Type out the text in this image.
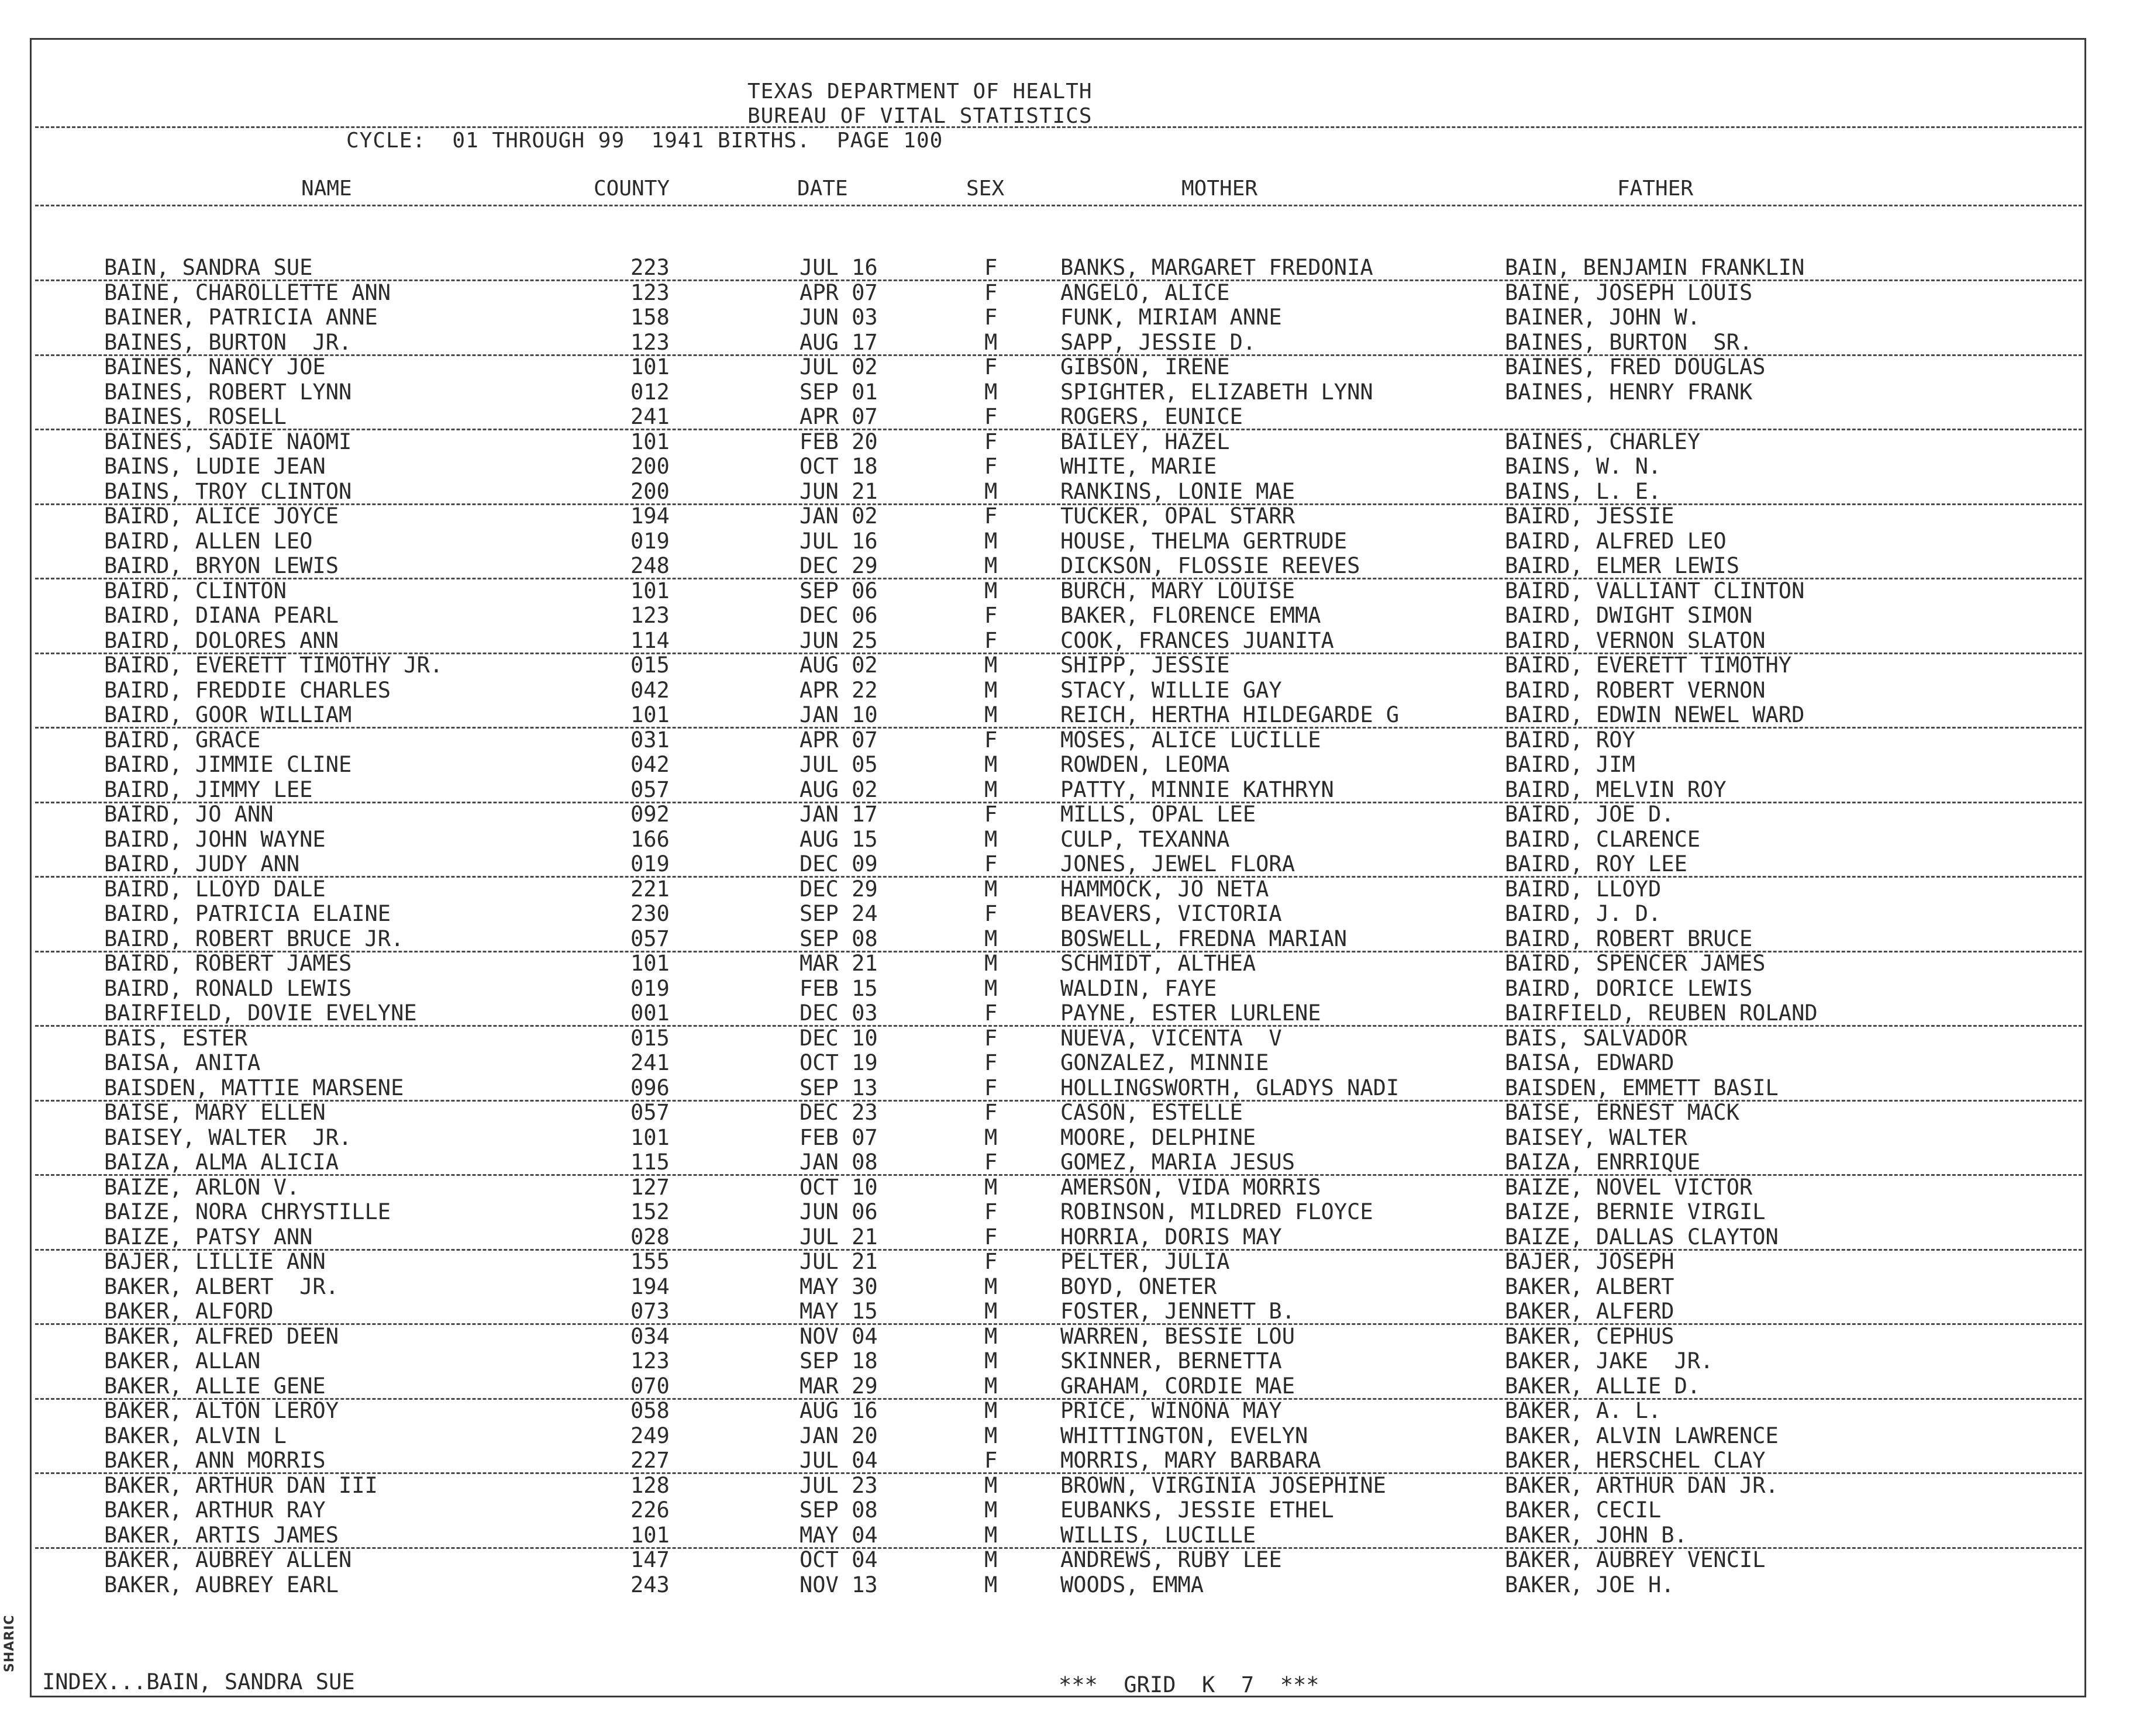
TEXAS DEPARTMENT OF HEALTH
BUREAU OF VITAL STATISTICS
CYCLE:  01 THROUGH 99  1941 BIRTHS.  PAGE 100
NAME	COUNTY	DATE	SEX	MOTHER	FATHER
BAIN, SANDRA SUE	223	JUL 16	F	BANKS, MARGARET FREDONIA	BAIN, BENJAMIN FRANKLIN
BAINE, CHAROLLETTE ANN	123	APR 07	F	ANGELO, ALICE	BAINE, JOSEPH LOUIS
BAINER, PATRICIA ANNE	158	JUN 03	F	FUNK, MIRIAM ANNE	BAINER, JOHN W.
BAINES, BURTON  JR.	123	AUG 17	M	SAPP, JESSIE D.	BAINES, BURTON  SR.
BAINES, NANCY JOE	101	JUL 02	F	GIBSON, IRENE	BAINES, FRED DOUGLAS
BAINES, ROBERT LYNN	012	SEP 01	M	SPIGHTER, ELIZABETH LYNN	BAINES, HENRY FRANK
BAINES, ROSELL	241	APR 07	F	ROGERS, EUNICE
BAINES, SADIE NAOMI	101	FEB 20	F	BAILEY, HAZEL	BAINES, CHARLEY
BAINS, LUDIE JEAN	200	OCT 18	F	WHITE, MARIE	BAINS, W. N.
BAINS, TROY CLINTON	200	JUN 21	M	RANKINS, LONIE MAE	BAINS, L. E.
BAIRD, ALICE JOYCE	194	JAN 02	F	TUCKER, OPAL STARR	BAIRD, JESSIE
BAIRD, ALLEN LEO	019	JUL 16	M	HOUSE, THELMA GERTRUDE	BAIRD, ALFRED LEO
BAIRD, BRYON LEWIS	248	DEC 29	M	DICKSON, FLOSSIE REEVES	BAIRD, ELMER LEWIS
BAIRD, CLINTON	101	SEP 06	M	BURCH, MARY LOUISE	BAIRD, VALLIANT CLINTON
BAIRD, DIANA PEARL	123	DEC 06	F	BAKER, FLORENCE EMMA	BAIRD, DWIGHT SIMON
BAIRD, DOLORES ANN	114	JUN 25	F	COOK, FRANCES JUANITA	BAIRD, VERNON SLATON
BAIRD, EVERETT TIMOTHY JR.	015	AUG 02	M	SHIPP, JESSIE	BAIRD, EVERETT TIMOTHY
BAIRD, FREDDIE CHARLES	042	APR 22	M	STACY, WILLIE GAY	BAIRD, ROBERT VERNON
BAIRD, GOOR WILLIAM	101	JAN 10	M	REICH, HERTHA HILDEGARDE G	BAIRD, EDWIN NEWEL WARD
BAIRD, GRACE	031	APR 07	F	MOSES, ALICE LUCILLE	BAIRD, ROY
BAIRD, JIMMIE CLINE	042	JUL 05	M	ROWDEN, LEOMA	BAIRD, JIM
BAIRD, JIMMY LEE	057	AUG 02	M	PATTY, MINNIE KATHRYN	BAIRD, MELVIN ROY
BAIRD, JO ANN	092	JAN 17	F	MILLS, OPAL LEE	BAIRD, JOE D.
BAIRD, JOHN WAYNE	166	AUG 15	M	CULP, TEXANNA	BAIRD, CLARENCE
BAIRD, JUDY ANN	019	DEC 09	F	JONES, JEWEL FLORA	BAIRD, ROY LEE
BAIRD, LLOYD DALE	221	DEC 29	M	HAMMOCK, JO NETA	BAIRD, LLOYD
BAIRD, PATRICIA ELAINE	230	SEP 24	F	BEAVERS, VICTORIA	BAIRD, J. D.
BAIRD, ROBERT BRUCE JR.	057	SEP 08	M	BOSWELL, FREDNA MARIAN	BAIRD, ROBERT BRUCE
BAIRD, ROBERT JAMES	101	MAR 21	M	SCHMIDT, ALTHEA	BAIRD, SPENCER JAMES
BAIRD, RONALD LEWIS	019	FEB 15	M	WALDIN, FAYE	BAIRD, DORICE LEWIS
BAIRFIELD, DOVIE EVELYNE	001	DEC 03	F	PAYNE, ESTER LURLENE	BAIRFIELD, REUBEN ROLAND
BAIS, ESTER	015	DEC 10	F	NUEVA, VICENTA  V	BAIS, SALVADOR
BAISA, ANITA	241	OCT 19	F	GONZALEZ, MINNIE	BAISA, EDWARD
BAISDEN, MATTIE MARSENE	096	SEP 13	F	HOLLINGSWORTH, GLADYS NADI	BAISDEN, EMMETT BASIL
BAISE, MARY ELLEN	057	DEC 23	F	CASON, ESTELLE	BAISE, ERNEST MACK
BAISEY, WALTER  JR.	101	FEB 07	M	MOORE, DELPHINE	BAISEY, WALTER
BAIZA, ALMA ALICIA	115	JAN 08	F	GOMEZ, MARIA JESUS	BAIZA, ENRRIQUE
BAIZE, ARLON V.	127	OCT 10	M	AMERSON, VIDA MORRIS	BAIZE, NOVEL VICTOR
BAIZE, NORA CHRYSTILLE	152	JUN 06	F	ROBINSON, MILDRED FLOYCE	BAIZE, BERNIE VIRGIL
BAIZE, PATSY ANN	028	JUL 21	F	HORRIA, DORIS MAY	BAIZE, DALLAS CLAYTON
BAJER, LILLIE ANN	155	JUL 21	F	PELTER, JULIA	BAJER, JOSEPH
BAKER, ALBERT  JR.	194	MAY 30	M	BOYD, ONETER	BAKER, ALBERT
BAKER, ALFORD	073	MAY 15	M	FOSTER, JENNETT B.	BAKER, ALFERD
BAKER, ALFRED DEEN	034	NOV 04	M	WARREN, BESSIE LOU	BAKER, CEPHUS
BAKER, ALLAN	123	SEP 18	M	SKINNER, BERNETTA	BAKER, JAKE  JR.
BAKER, ALLIE GENE	070	MAR 29	M	GRAHAM, CORDIE MAE	BAKER, ALLIE D.
BAKER, ALTON LEROY	058	AUG 16	M	PRICE, WINONA MAY	BAKER, A. L.
BAKER, ALVIN L	249	JAN 20	M	WHITTINGTON, EVELYN	BAKER, ALVIN LAWRENCE
BAKER, ANN MORRIS	227	JUL 04	F	MORRIS, MARY BARBARA	BAKER, HERSCHEL CLAY
BAKER, ARTHUR DAN III	128	JUL 23	M	BROWN, VIRGINIA JOSEPHINE	BAKER, ARTHUR DAN JR.
BAKER, ARTHUR RAY	226	SEP 08	M	EUBANKS, JESSIE ETHEL	BAKER, CECIL
BAKER, ARTIS JAMES	101	MAY 04	M	WILLIS, LUCILLE	BAKER, JOHN B.
BAKER, AUBREY ALLEN	147	OCT 04	M	ANDREWS, RUBY LEE	BAKER, AUBREY VENCIL
BAKER, AUBREY EARL	243	NOV 13	M	WOODS, EMMA	BAKER, JOE H.
INDEX...BAIN, SANDRA SUE	***  GRID  K  7  ***
SHARIC
